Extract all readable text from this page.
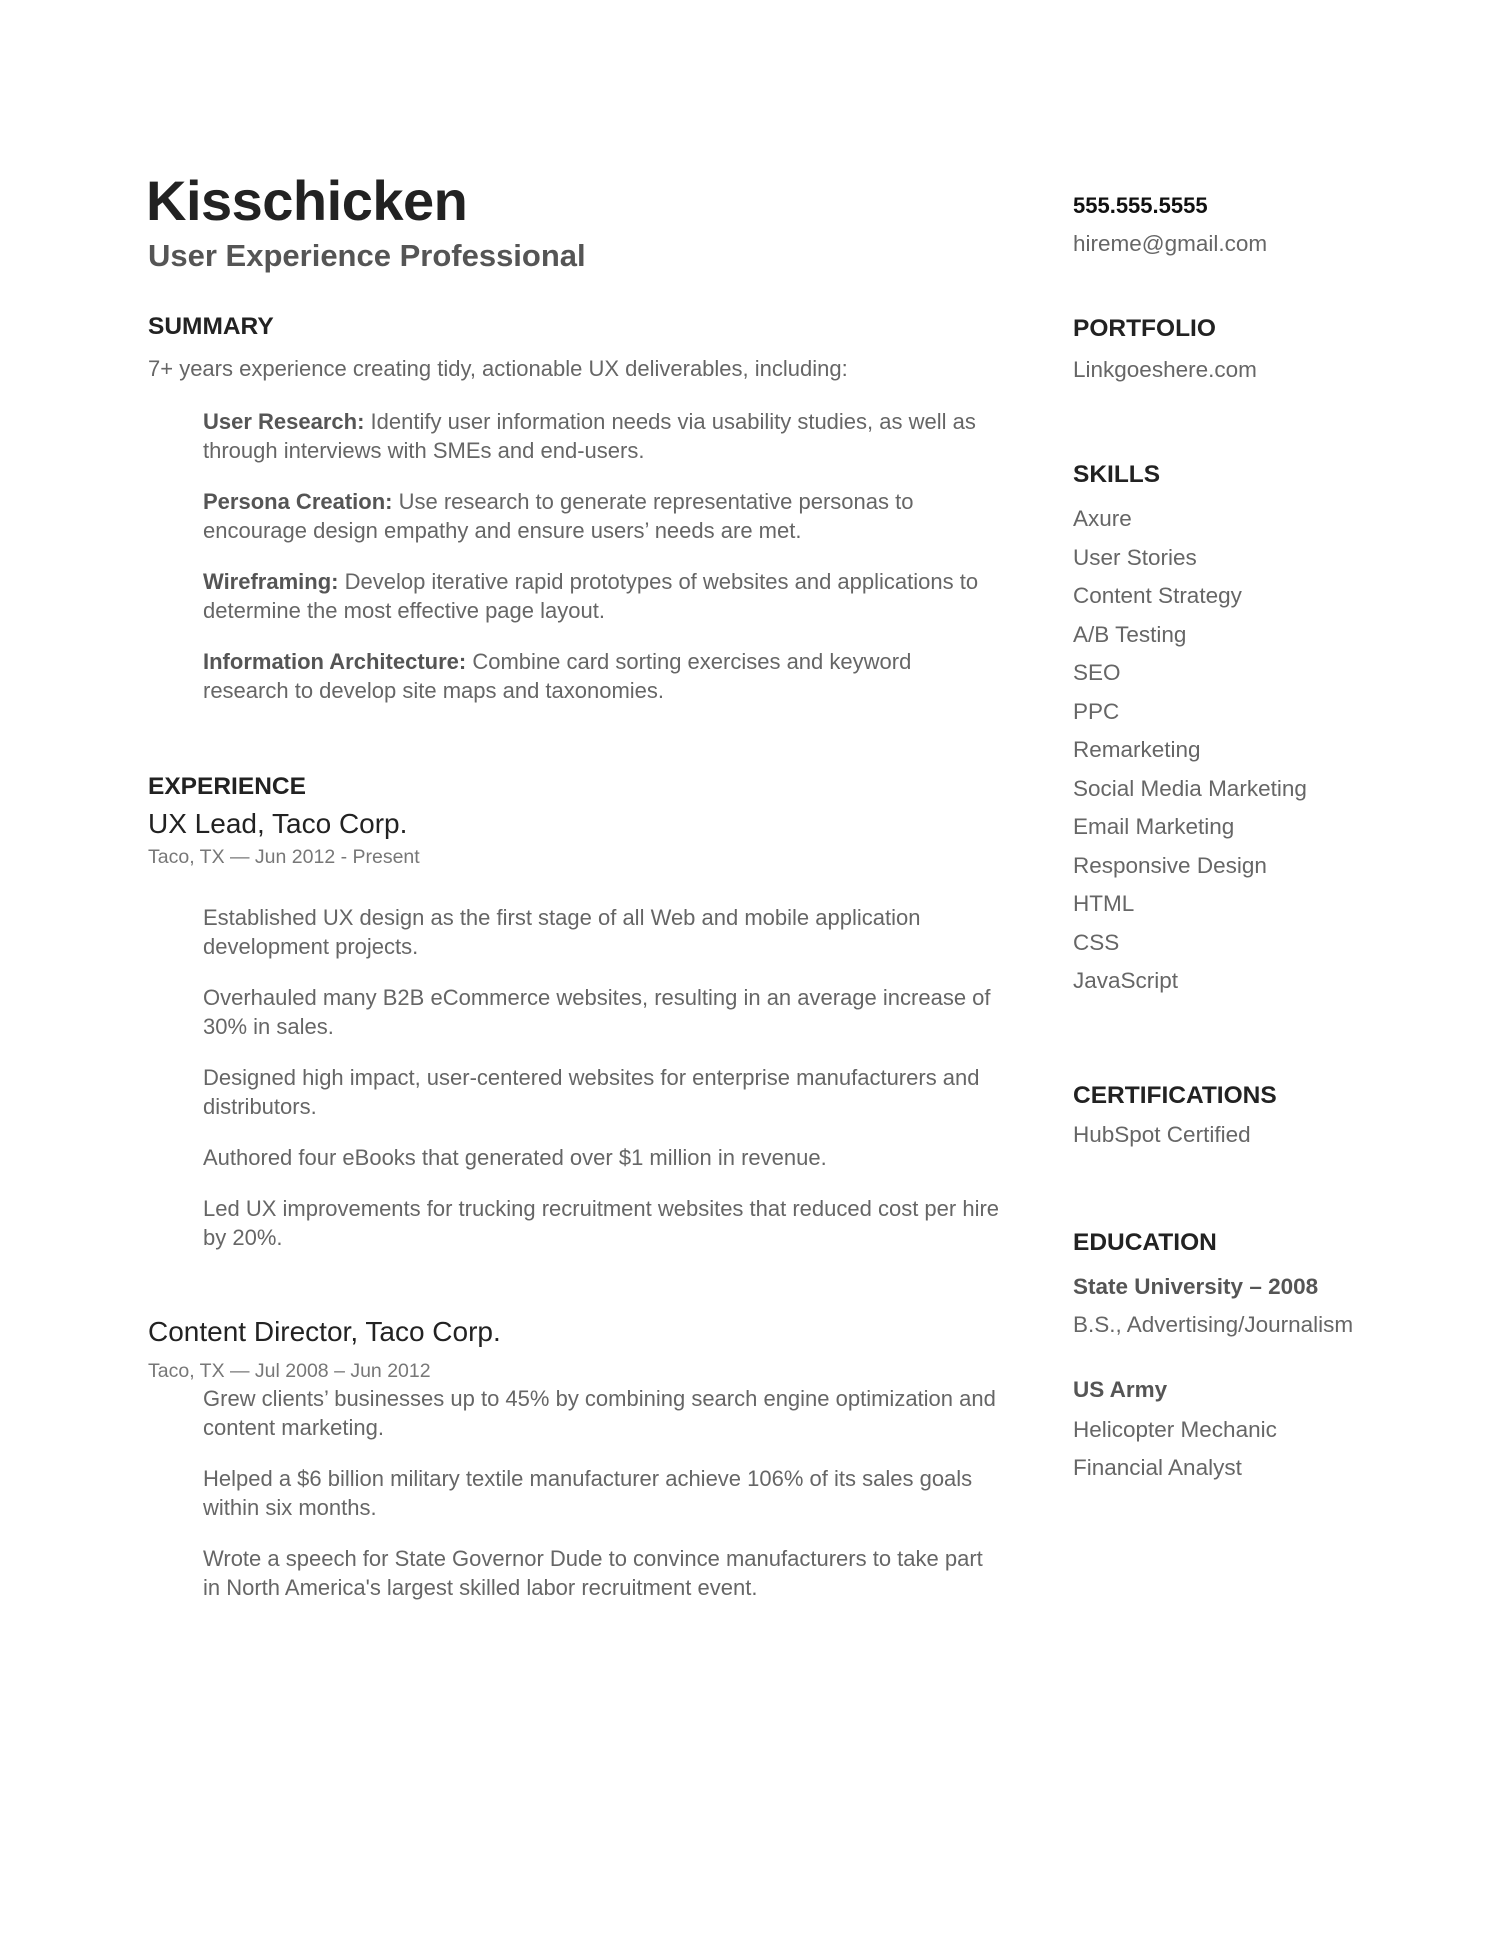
Kisschicken
User Experience Professional
SUMMARY
7+ years experience creating tidy, actionable UX deliverables, including:

User Research: Identify user information needs via usability studies, as well as through interviews with SMEs and end-users.

Persona Creation: Use research to generate representative personas to encourage design empathy and ensure users’ needs are met.

Wireframing: Develop iterative rapid prototypes of websites and applications to determine the most effective page layout.

Information Architecture: Combine card sorting exercises and keyword research to develop site maps and taxonomies.

EXPERIENCE
UX Lead, Taco Corp.
Taco, TX — Jun 2012 - Present

Established UX design as the first stage of all Web and mobile application development projects.

Overhauled many B2B eCommerce websites, resulting in an average increase of 30% in sales.

Designed high impact, user-centered websites for enterprise manufacturers and distributors.

Authored four eBooks that generated over $1 million in revenue.

Led UX improvements for trucking recruitment websites that reduced cost per hire by 20%.

Content Director, Taco Corp.
Taco, TX — Jul 2008 – Jun 2012

Grew clients’ businesses up to 45% by combining search engine optimization and content marketing.

Helped a $6 billion military textile manufacturer achieve 106% of its sales goals within six months.

Wrote a speech for State Governor Dude to convince manufacturers to take part in North America's largest skilled labor recruitment event.

555.555.5555
hireme@gmail.com
PORTFOLIO
Linkgoeshere.com
SKILLS
Axure
User Stories
Content Strategy
A/B Testing
SEO
PPC
Remarketing
Social Media Marketing
Email Marketing
Responsive Design
HTML
CSS
JavaScript
CERTIFICATIONS
HubSpot Certified
EDUCATION
State University – 2008
B.S., Advertising/Journalism
US Army
Helicopter Mechanic
Financial Analyst
